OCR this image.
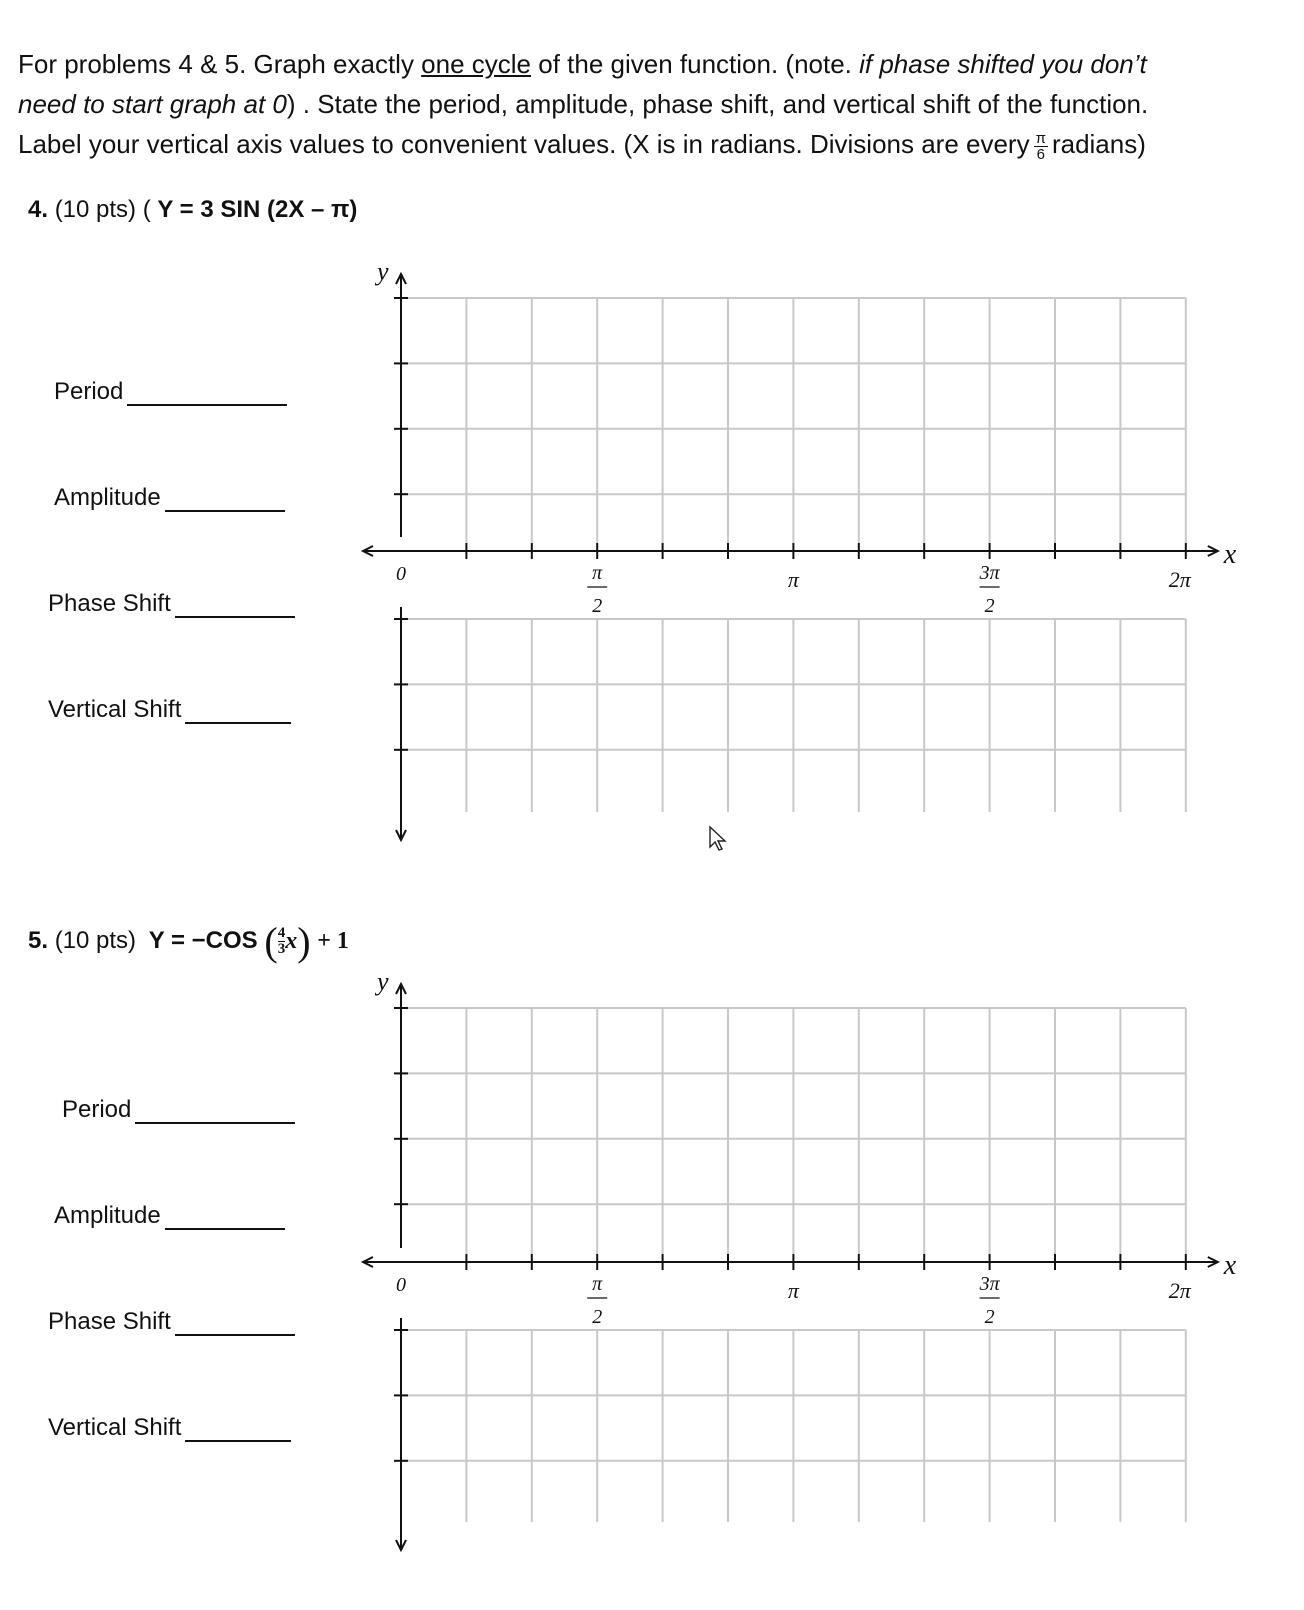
For problems 4 & 5. Graph exactly one cycle of the given function. (note. if phase shifted you don’t
need to start graph at 0) . State the period, amplitude, phase shift, and vertical shift of the function.
Label your vertical axis values to convenient values. (X is in radians. Divisions are every $\frac{\pi}{6}$ radians)
4. (10 pts) ( Y = 3 SIN (2X – π)
Period
Amplitude
Phase Shift
Vertical Shift
y
x
0	π
2
π	3π
2
2π
5. (10 pts) Y = −COS ( $\frac{4}{3} x) + 1$
Period
Amplitude
Phase Shift
Vertical Shift
y
x
0	π
2
π	3π
2
2π
